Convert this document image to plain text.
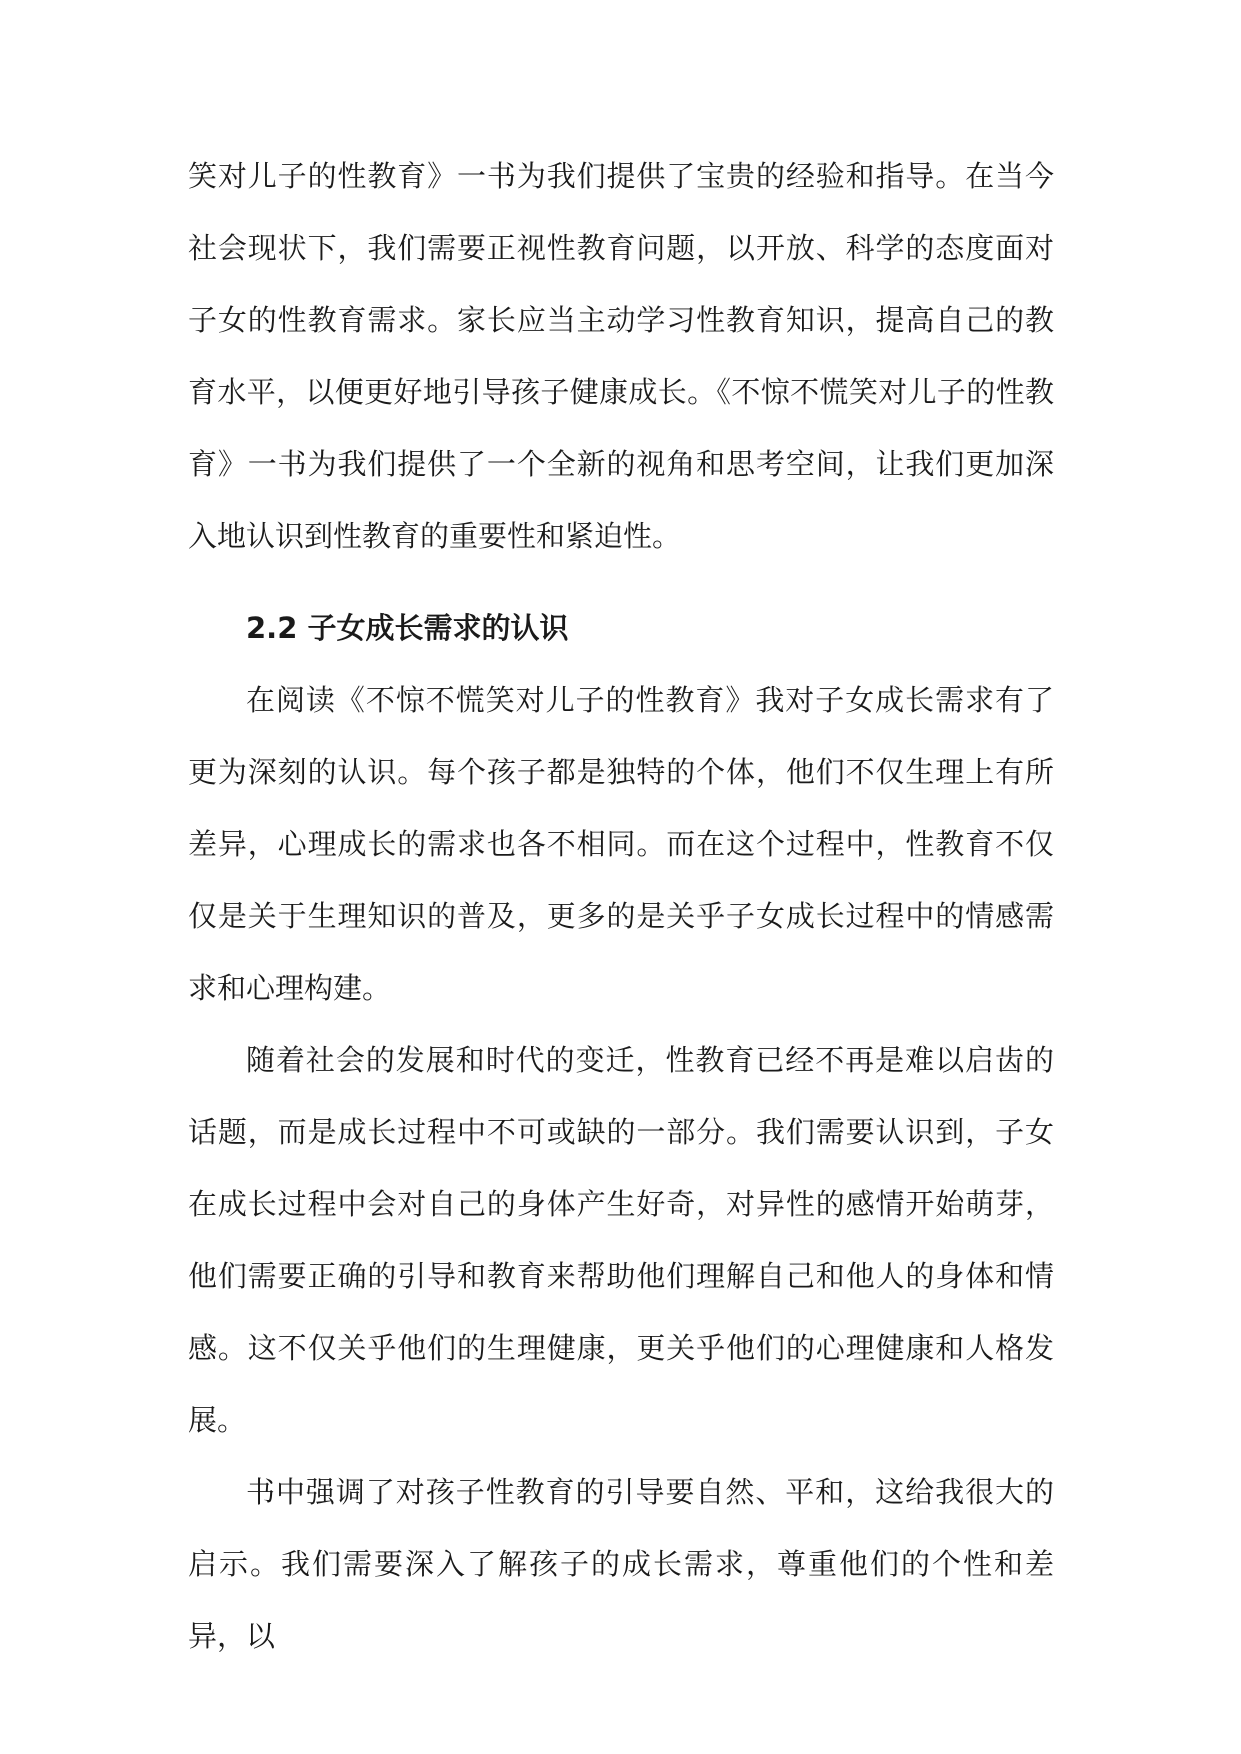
笑对儿子的性教育》一书为我们提供了宝贵的经验和指导。在当今社会现状下，我们需要正视性教育问题，以开放、科学的态度面对子女的性教育需求。家长应当主动学习性教育知识，提高自己的教育水平，以便更好地引导孩子健康成长。《不惊不慌笑对儿子的性教育》一书为我们提供了一个全新的视角和思考空间，让我们更加深入地认识到性教育的重要性和紧迫性。

2.2 子女成长需求的认识

在阅读《不惊不慌笑对儿子的性教育》我对子女成长需求有了更为深刻的认识。每个孩子都是独特的个体，他们不仅生理上有所差异，心理成长的需求也各不相同。而在这个过程中，性教育不仅仅是关于生理知识的普及，更多的是关乎子女成长过程中的情感需求和心理构建。

随着社会的发展和时代的变迁，性教育已经不再是难以启齿的话题，而是成长过程中不可或缺的一部分。我们需要认识到，子女在成长过程中会对自己的身体产生好奇，对异性的感情开始萌芽，他们需要正确的引导和教育来帮助他们理解自己和他人的身体和情感。这不仅关乎他们的生理健康，更关乎他们的心理健康和人格发展。

书中强调了对孩子性教育的引导要自然、平和，这给我很大的启示。我们需要深入了解孩子的成长需求，尊重他们的个性和差异，以
